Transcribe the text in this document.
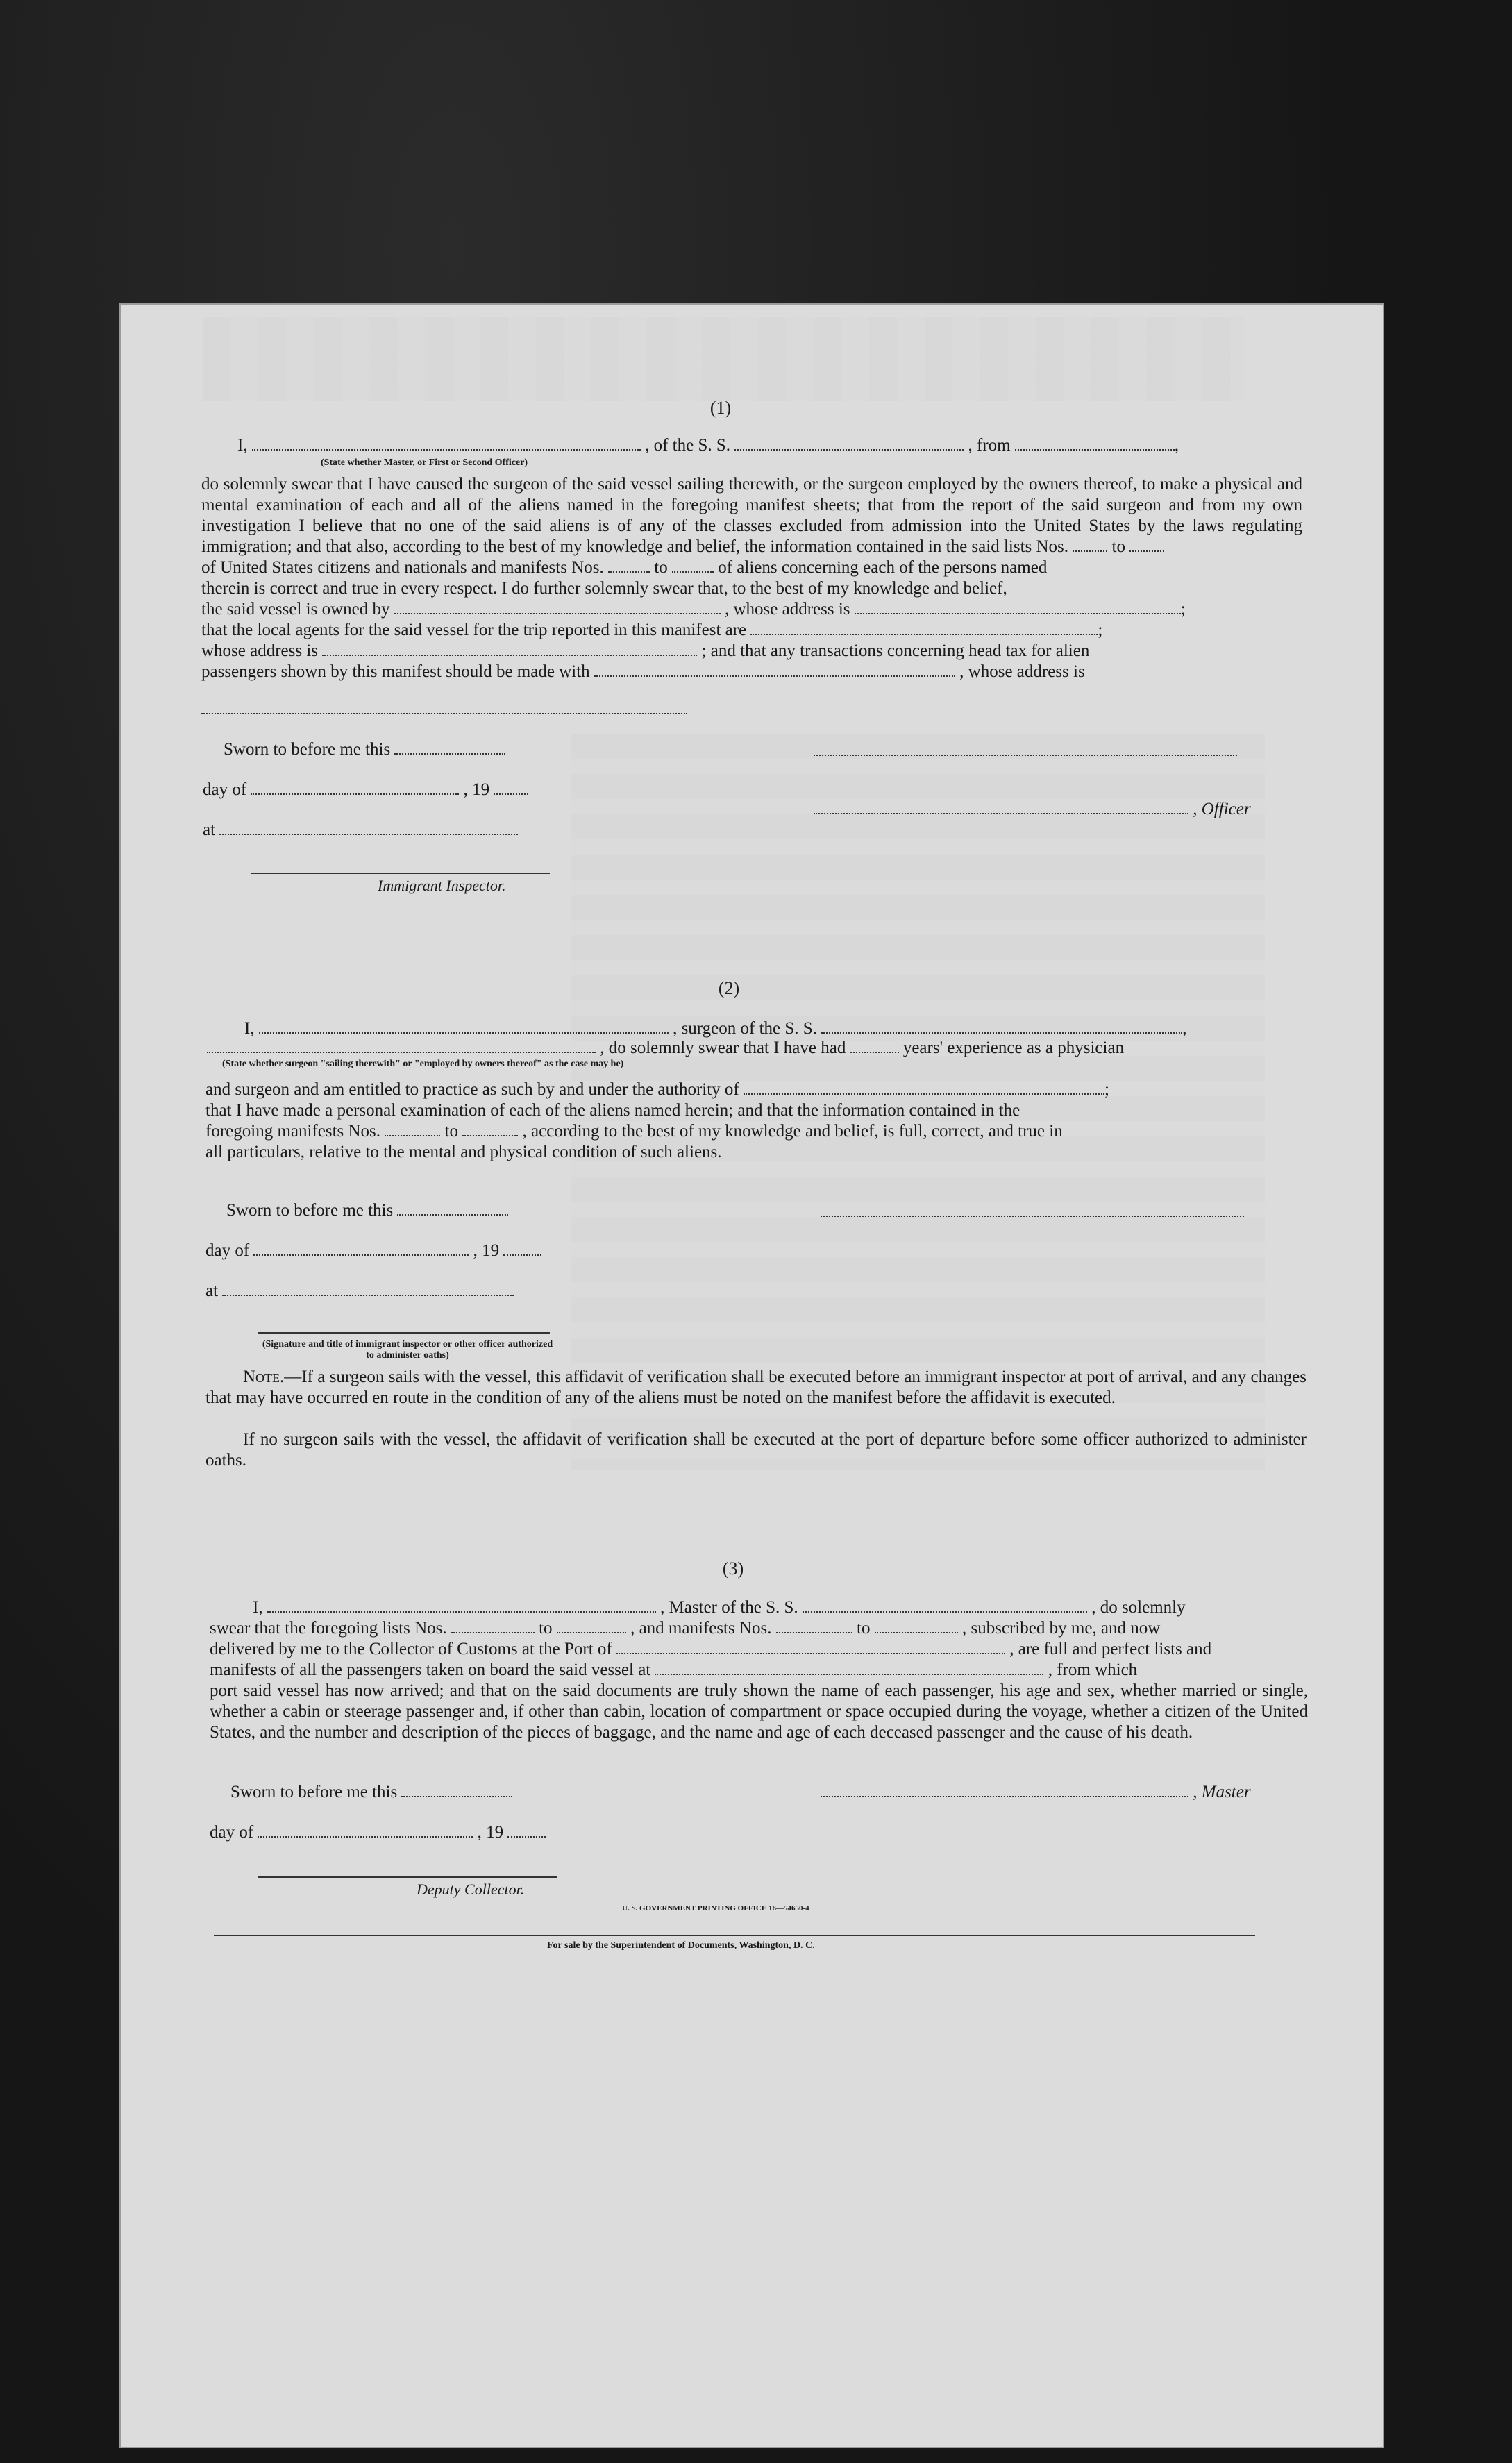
(1)
I,	, of the S. S.	, from	,
(State whether Master, or First or Second Officer)
do solemnly swear that I have caused the surgeon of the said vessel sailing therewith, or the surgeon employed by the owners thereof, to make a physical and mental examination of each and all of the aliens named in the foregoing manifest sheets; that from the report of the said surgeon and from my own investigation I believe that no one of the said aliens is of any of the classes excluded from admission into the United States by the laws regulating immigration; and that also, according to the best of my knowledge and belief, the information contained in the said lists Nos.	to
of United States citizens and nationals and manifests Nos.	to	of aliens concerning each of the persons named
therein is correct and true in every respect. I do further solemnly swear that, to the best of my knowledge and belief,
the said vessel is owned by	, whose address is	;
that the local agents for the said vessel for the trip reported in this manifest are	;
whose address is	; and that any transactions concerning head tax for alien
passengers shown by this manifest should be made with	, whose address is
Sworn to before me this
day of	, 19
, Officer
at
Immigrant Inspector.
(2)
I,	, surgeon of the S. S.	,
, do solemnly swear that I have had	years' experience as a physician
(State whether surgeon "sailing therewith" or "employed by owners thereof" as the case may be)
and surgeon and am entitled to practice as such by and under the authority of	;
that I have made a personal examination of each of the aliens named herein; and that the information contained in the
foregoing manifests Nos.	to	, according to the best of my knowledge and belief, is full, correct, and true in
all particulars, relative to the mental and physical condition of such aliens.
Sworn to before me this
day of	, 19
at
(Signature and title of immigrant inspector or other officer authorized to administer oaths)
Note.—If a surgeon sails with the vessel, this affidavit of verification shall be executed before an immigrant inspector at port of arrival, and any changes that may have occurred en route in the condition of any of the aliens must be noted on the manifest before the affidavit is executed.
If no surgeon sails with the vessel, the affidavit of verification shall be executed at the port of departure before some officer authorized to administer oaths.
(3)
I,	, Master of the S. S.	, do solemnly
swear that the foregoing lists Nos.	to	, and manifests Nos.	to	, subscribed by me, and now
delivered by me to the Collector of Customs at the Port of	, are full and perfect lists and
manifests of all the passengers taken on board the said vessel at	, from which
port said vessel has now arrived; and that on the said documents are truly shown the name of each passenger, his age and sex, whether married or single, whether a cabin or steerage passenger and, if other than cabin, location of compartment or space occupied during the voyage, whether a citizen of the United States, and the number and description of the pieces of baggage, and the name and age of each deceased passenger and the cause of his death.
Sworn to before me this	, Master
day of	, 19
Deputy Collector.
U. S. GOVERNMENT PRINTING OFFICE 16—54650-4
For sale by the Superintendent of Documents, Washington, D. C.
